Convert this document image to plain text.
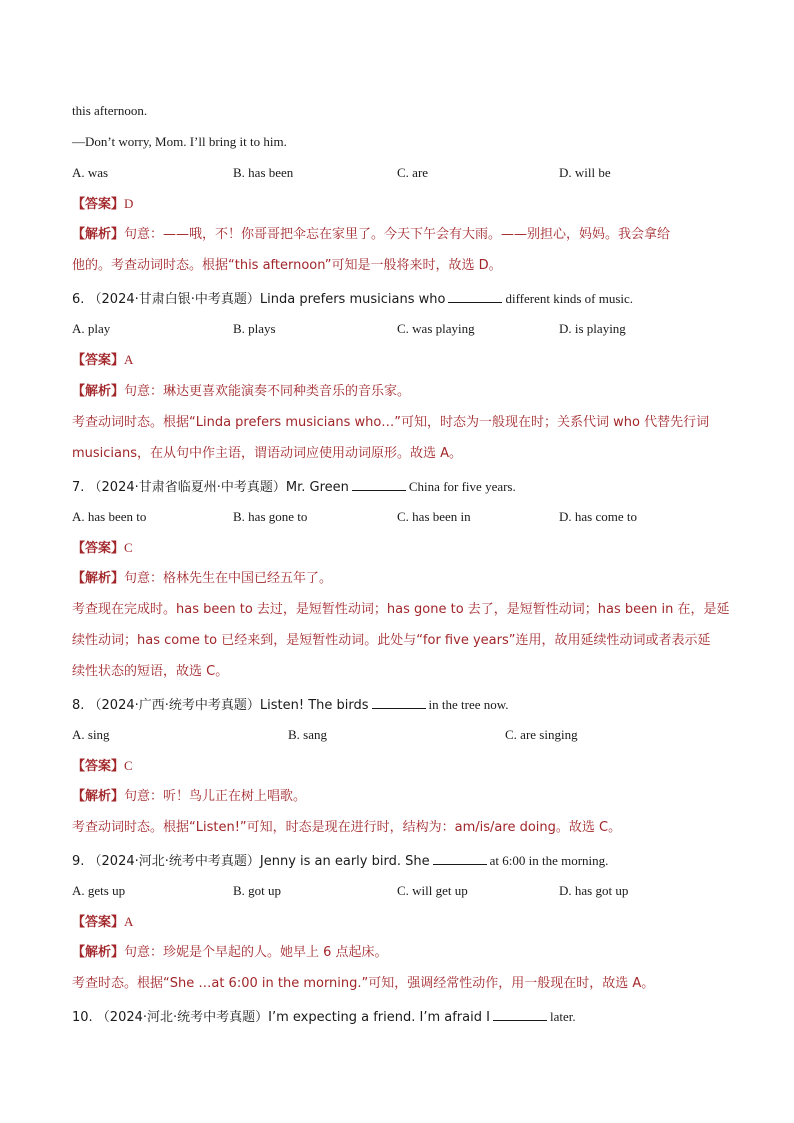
this afternoon.
—Don’t worry, Mom. I’ll bring it to him.
A. was	B. has been	C. are	D. will be
【答案】D
【解析】句意：——哦，不！你哥哥把伞忘在家里了。今天下午会有大雨。——别担心，妈妈。我会拿给
他的。考查动词时态。根据“this afternoon”可知是一般将来时，故选 D。
6. （2024·甘肃白银·中考真题）Linda prefers musicians who	different kinds of music.
A. play	B. plays	C. was playing	D. is playing
【答案】A
【解析】句意：琳达更喜欢能演奏不同种类音乐的音乐家。
考查动词时态。根据“Linda prefers musicians who…”可知，时态为一般现在时；关系代词 who 代替先行词
musicians，在从句中作主语，谓语动词应使用动词原形。故选 A。
7. （2024·甘肃省临夏州·中考真题）Mr. Green	China for five years.
A. has been to	B. has gone to	C. has been in	D. has come to
【答案】C
【解析】句意：格林先生在中国已经五年了。
考查现在完成时。has been to 去过，是短暂性动词；has gone to 去了，是短暂性动词；has been in 在，是延
续性动词；has come to 已经来到，是短暂性动词。此处与“for five years”连用，故用延续性动词或者表示延
续性状态的短语，故选 C。
8. （2024·广西·统考中考真题）Listen! The birds	in the tree now.
A. sing	B. sang	C. are singing
【答案】C
【解析】句意：听！鸟儿正在树上唱歌。
考查动词时态。根据“Listen!”可知，时态是现在进行时，结构为：am/is/are doing。故选 C。
9. （2024·河北·统考中考真题）Jenny is an early bird. She	at 6:00 in the morning.
A. gets up	B. got up	C. will get up	D. has got up
【答案】A
【解析】句意：珍妮是个早起的人。她早上 6 点起床。
考查时态。根据“She …at 6:00 in the morning.”可知，强调经常性动作，用一般现在时，故选 A。
10. （2024·河北·统考中考真题）I’m expecting a friend. I’m afraid I	later.
